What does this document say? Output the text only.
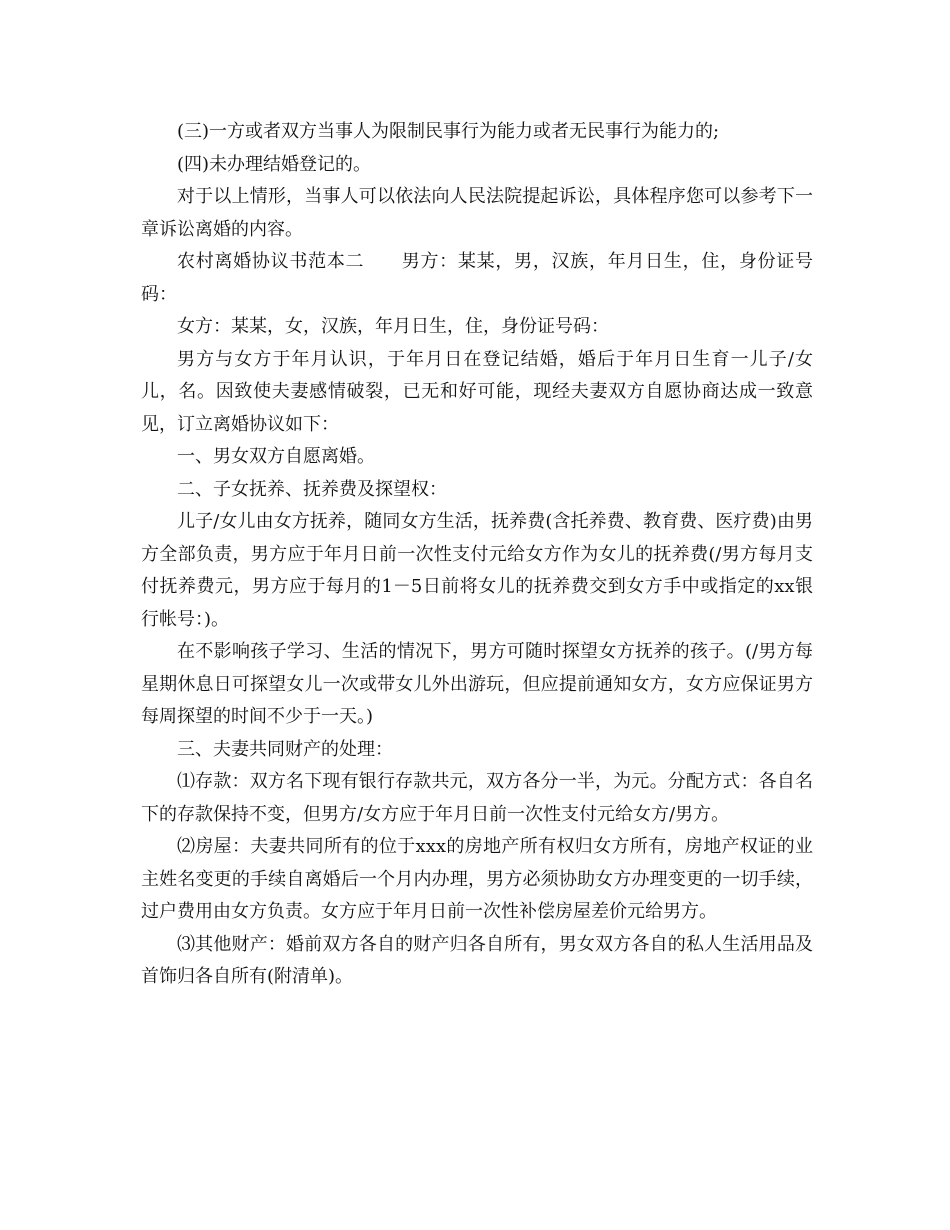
(三)一方或者双方当事人为限制民事行为能力或者无民事行为能力的;

(四)未办理结婚登记的。

对于以上情形，当事人可以依法向人民法院提起诉讼，具体程序您可以参考下一章诉讼离婚的内容。

农村离婚协议书范本二　　男方：某某，男，汉族，年月日生，住，身份证号码：

女方：某某，女，汉族，年月日生，住，身份证号码：

男方与女方于年月认识，于年月日在登记结婚，婚后于年月日生育一儿子/女儿，名。因致使夫妻感情破裂，已无和好可能，现经夫妻双方自愿协商达成一致意见，订立离婚协议如下：

一、男女双方自愿离婚。

二、子女抚养、抚养费及探望权：

儿子/女儿由女方抚养，随同女方生活，抚养费(含托养费、教育费、医疗费)由男方全部负责，男方应于年月日前一次性支付元给女方作为女儿的抚养费(/男方每月支付抚养费元，男方应于每月的1－5日前将女儿的抚养费交到女方手中或指定的xx银行帐号：)。

在不影响孩子学习、生活的情况下，男方可随时探望女方抚养的孩子。(/男方每星期休息日可探望女儿一次或带女儿外出游玩，但应提前通知女方，女方应保证男方每周探望的时间不少于一天。)

三、夫妻共同财产的处理：

⑴存款：双方名下现有银行存款共元，双方各分一半，为元。分配方式：各自名下的存款保持不变，但男方/女方应于年月日前一次性支付元给女方/男方。

⑵房屋：夫妻共同所有的位于xxx的房地产所有权归女方所有，房地产权证的业主姓名变更的手续自离婚后一个月内办理，男方必须协助女方办理变更的一切手续，过户费用由女方负责。女方应于年月日前一次性补偿房屋差价元给男方。

⑶其他财产：婚前双方各自的财产归各自所有，男女双方各自的私人生活用品及首饰归各自所有(附清单)。
